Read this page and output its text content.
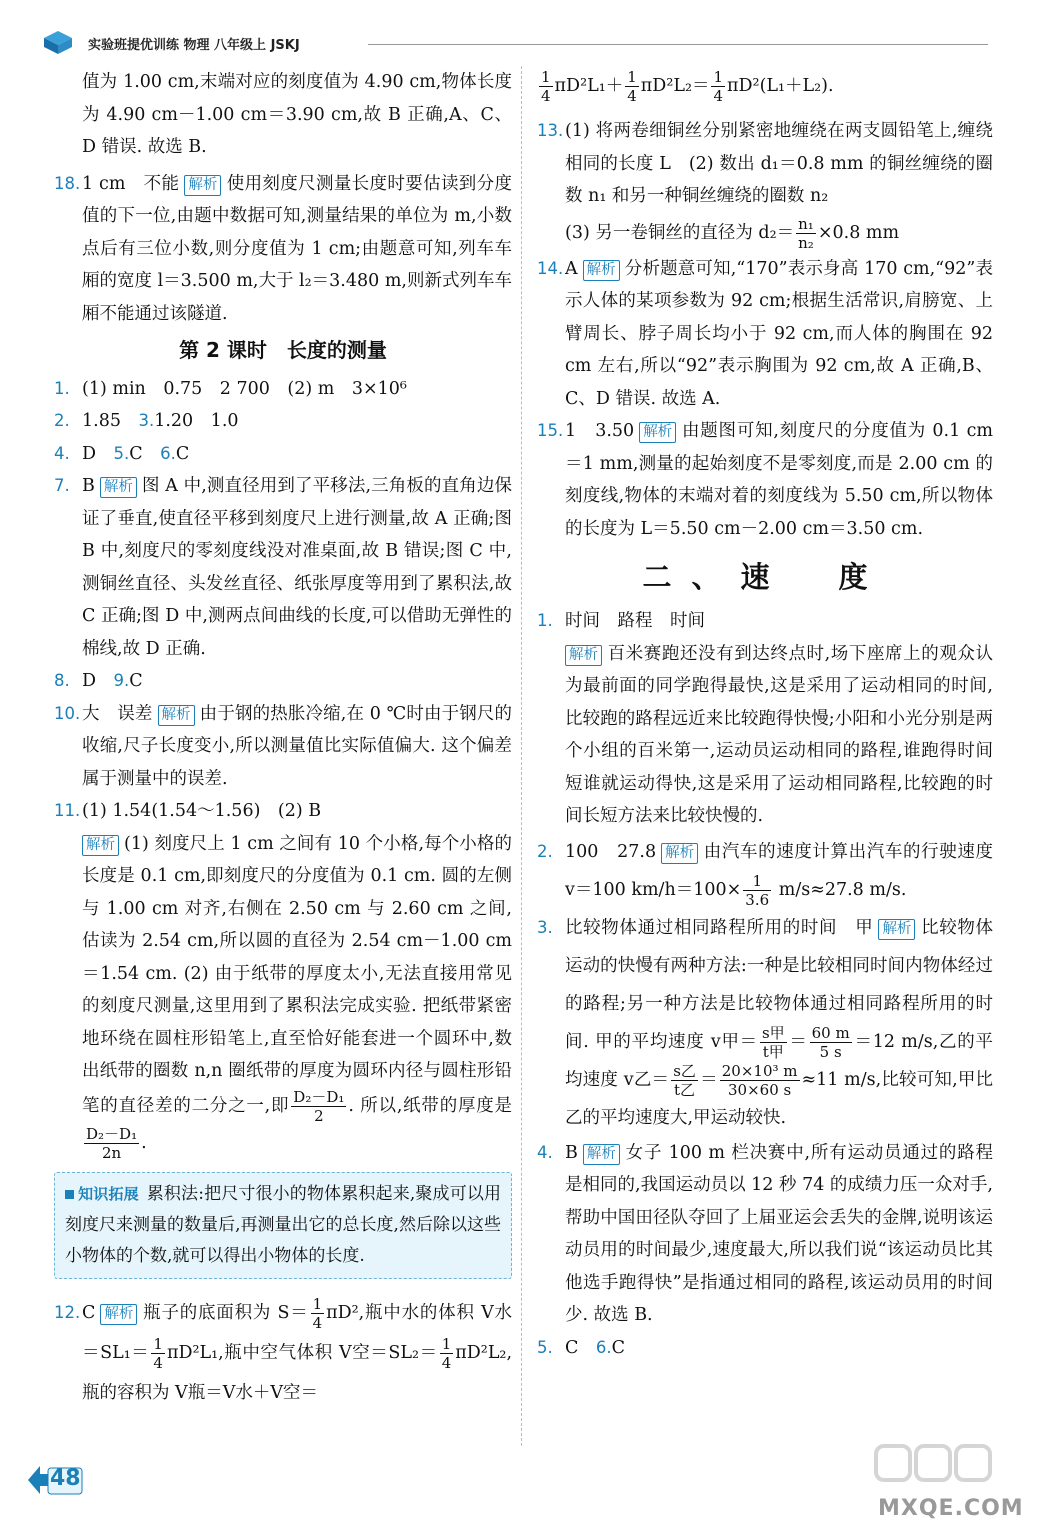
实验班提优训练 物理 八年级上 JSKJ
值为 1.00 cm,末端对应的刻度值为 4.90 cm,物体长度为 4.90 cm－1.00 cm＝3.90 cm,故 B 正确,A、C、D 错误. 故选 B.
18. 1 cm　不能 解析 使用刻度尺测量长度时要估读到分度值的下一位,由题中数据可知,测量结果的单位为 m,小数点后有三位小数,则分度值为 1 cm;由题意可知,列车车厢的宽度 l＝3.500 m,大于 l₂＝3.480 m,则新式列车车厢不能通过该隧道.
第 2 课时　长度的测量
1. (1) min　0.75　2 700　(2) m　3×10⁶
2. 1.85　 3.1.20　1.0
4. D　 5.C　 6.C
7. B 解析 图 A 中,测直径用到了平移法,三角板的直角边保证了垂直,使直径平移到刻度尺上进行测量,故 A 正确;图 B 中,刻度尺的零刻度线没对准桌面,故 B 错误;图 C 中,测铜丝直径、头发丝直径、纸张厚度等用到了累积法,故 C 正确;图 D 中,测两点间曲线的长度,可以借助无弹性的棉线,故 D 正确.
8. D　 9.C
10. 大　误差 解析 由于钢的热胀冷缩,在 0 ℃时由于钢尺的收缩,尺子长度变小,所以测量值比实际值偏大. 这个偏差属于测量中的误差.
11. (1) 1.54(1.54～1.56)　(2) B
解析 (1) 刻度尺上 1 cm 之间有 10 个小格,每个小格的长度是 0.1 cm,即刻度尺的分度值为 0.1 cm. 圆的左侧与 1.00 cm 对齐,右侧在 2.50 cm 与 2.60 cm 之间,估读为 2.54 cm,所以圆的直径为 2.54 cm－1.00 cm＝1.54 cm. (2) 由于纸带的厚度太小,无法直接用常见的刻度尺测量,这里用到了累积法完成实验. 把纸带紧密地环绕在圆柱形铅笔上,直至恰好能套进一个圆环中,数出纸带的圈数 n,n 圈纸带的厚度为圆环内径与圆柱形铅笔的直径差的二分之一,即 $\frac{\text{D₂－D₁}}{2}$ . 所以,纸带的厚度是
$\frac{\text{D₂－D₁}}{2n}$ .
知识拓展 累积法:把尺寸很小的物体累积起来,聚成可以用刻度尺来测量的数量后,再测量出它的总长度,然后除以这些小物体的个数,就可以得出小物体的长度.
12. C 解析 瓶子的底面积为 $S= \frac{1}{4} \pi D^2$,瓶中水的体积 V水$=SL_1= \frac{1}{4} \pi D^2L_1$,瓶中空气体积 V空$=SL_2= \frac{1}{4} \pi D^2L_2$,瓶的容积为 V瓶＝V水＋V空＝
$\frac{1}{4} \pi D^2L_1+ \frac{1}{4} \pi D^2L_2= \frac{1}{4} \pi D^2(L_1+L_2)$.
13. (1) 将两卷细铜丝分别紧密地缠绕在两支圆铅笔上,缠绕相同的长度 L　(2) 数出 d₁＝0.8 mm 的铜丝缠绕的圈数 n₁ 和另一种铜丝缠绕的圈数 n₂
(3) 另一卷铜丝的直径为 $d_2= \frac{\text{n₁}}{\text{n₂}} \times 0.8$ mm
14. A 解析 分析题意可知,“170”表示身高 170 cm,“92”表示人体的某项参数为 92 cm;根据生活常识,肩膀宽、上臂周长、脖子周长均小于 92 cm,而人体的胸围在 92 cm 左右,所以“92”表示胸围为 92 cm,故 A 正确,B、C、D 错误. 故选 A.
15. 1　3.50 解析 由题图可知,刻度尺的分度值为 0.1 cm＝1 mm,测量的起始刻度不是零刻度,而是 2.00 cm 的刻度线,物体的末端对着的刻度线为 5.50 cm,所以物体的长度为 L＝5.50 cm－2.00 cm＝3.50 cm.
二、速　度
1. 时间　路程　时间
解析 百米赛跑还没有到达终点时,场下座席上的观众认为最前面的同学跑得最快,这是采用了运动相同的时间,比较跑的路程远近来比较跑得快慢;小阳和小光分别是两个小组的百米第一,运动员运动相同的路程,谁跑得时间短谁就运动得快,这是采用了运动相同路程,比较跑的时间长短方法来比较快慢的.
2. 100　27.8 解析 由汽车的速度计算出汽车的行驶速度 v＝100 $km/h=100\times \frac{1}{3.6} m/s\approx 27.8$ m/s.
3. 比较物体通过相同路程所用的时间　甲 解析 比较物体运动的快慢有两种方法:一种是比较相同时间内物体经过的路程;另一种方法是比较物体通过相同路程所用的时间. 甲的平均速度 v甲＝ $\frac{\text{s甲}}{\text{t甲}} = \frac{60 m}{5 s} =12$ m/s,乙的平均速度 v乙＝ $\frac{\text{s乙}}{\text{t乙}} = \frac{\text{20×10³ m}}{30\times 60 s} \approx 11$ m/s,比较可知,甲比乙的平均速度大,甲运动较快.
4. B 解析 女子 100 m 栏决赛中,所有运动员通过的路程是相同的,我国运动员以 12 秒 74 的成绩力压一众对手,帮助中国田径队夺回了上届亚运会丢失的金牌,说明该运动员用的时间最少,速度最大,所以我们说“该运动员比其他选手跑得快”是指通过相同的路程,该运动员用的时间少. 故选 B.
5. C　 6.C
48
MXQE.COM
